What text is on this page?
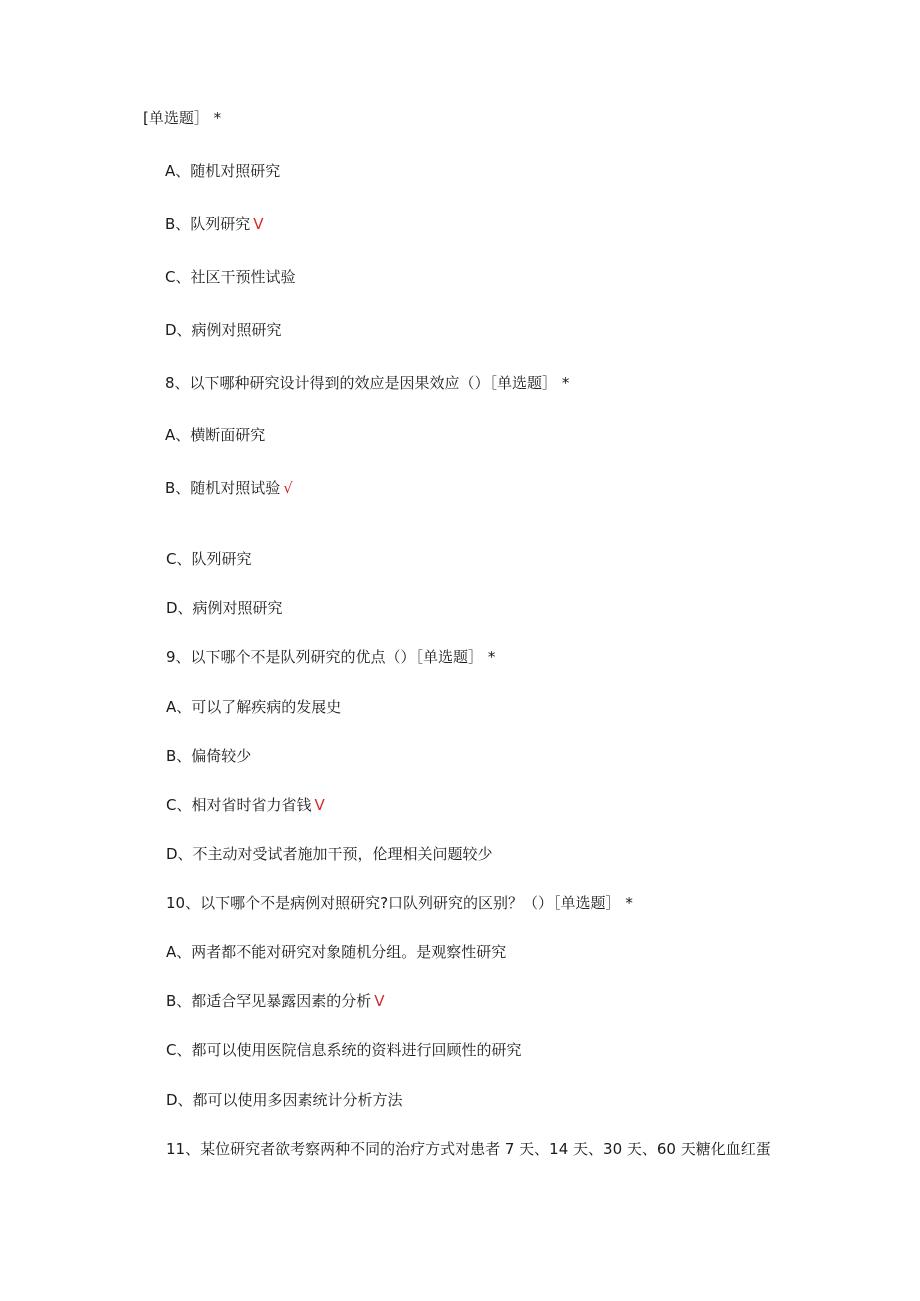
[单选题］ *
A、随机对照研究
B、队列研究 V
C、社区干预性试验
D、病例对照研究
8、以下哪种研究设计得到的效应是因果效应（）［单选题］ *
A、横断面研究
B、随机对照试验 √
C、队列研究
D、病例对照研究
9、以下哪个不是队列研究的优点（）［单选题］ *
A、可以了解疾病的发展史
B、偏倚较少
C、相对省时省力省钱 V
D、不主动对受试者施加干预，伦理相关问题较少
10、以下哪个不是病例对照研究?口队列研究的区别？（）［单选题］ *
A、两者都不能对研究对象随机分组。是观察性研究
B、都适合罕见暴露因素的分析 V
C、都可以使用医院信息系统的资料进行回顾性的研究
D、都可以使用多因素统计分析方法
11、某位研究者欲考察两种不同的治疗方式对患者 7 天、14 天、30 天、60 天糖化血红蛋
